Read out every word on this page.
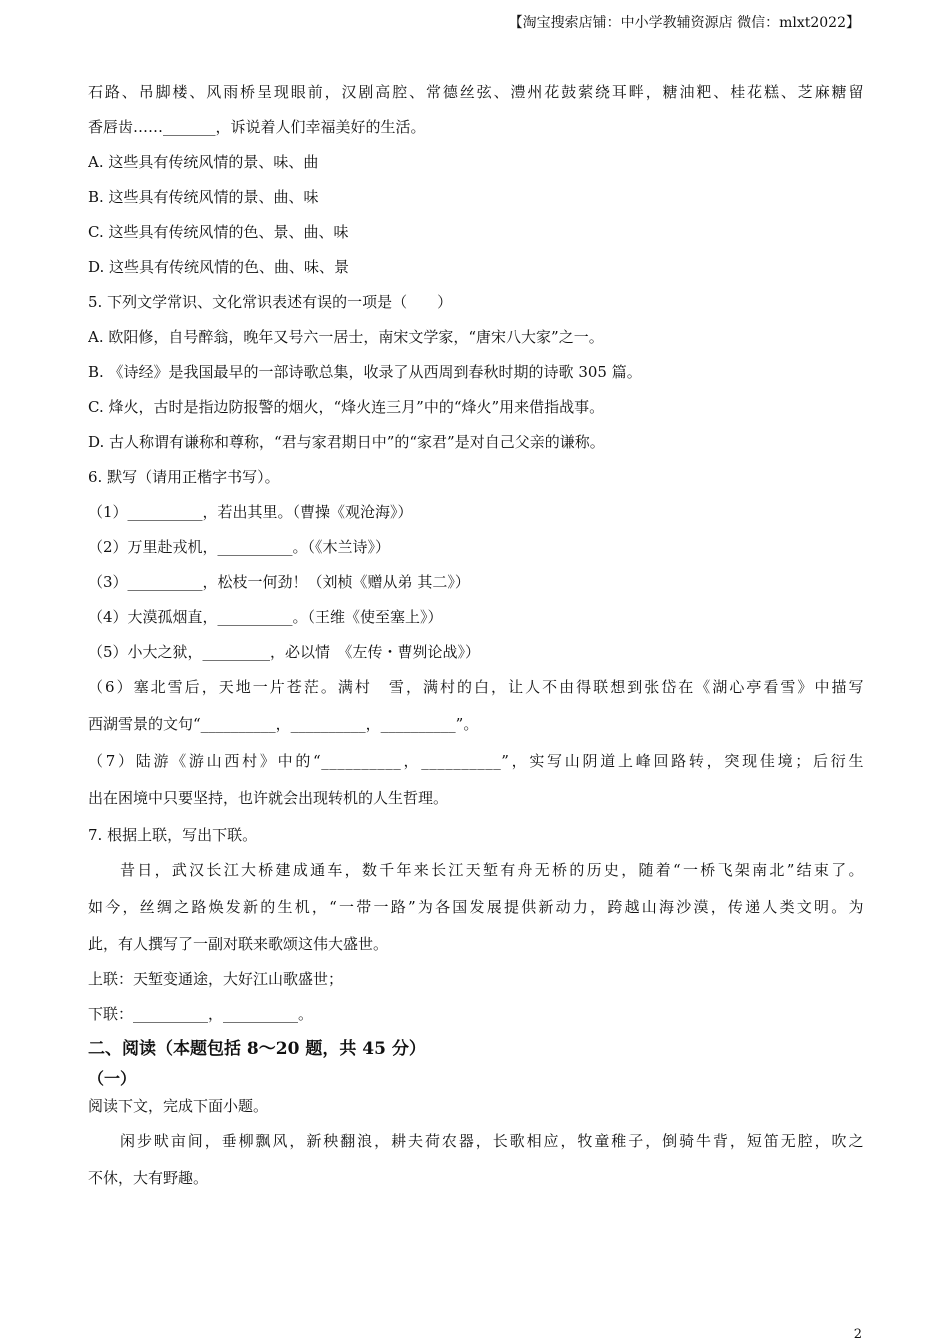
【淘宝搜索店铺：中小学教辅资源店 微信：mlxt2022】
石路、吊脚楼、风雨桥呈现眼前，汉剧高腔、常德丝弦、澧州花鼓萦绕耳畔，糖油粑、桂花糕、芝麻糖留
香唇齿……_______，诉说着人们幸福美好的生活。
A. 这些具有传统风情的景、味、曲
B. 这些具有传统风情的景、曲、味
C. 这些具有传统风情的色、景、曲、味
D. 这些具有传统风情的色、曲、味、景
5. 下列文学常识、文化常识表述有误的一项是（　　）
A. 欧阳修，自号醉翁，晚年又号六一居士，南宋文学家，“唐宋八大家”之一。
B. 《诗经》是我国最早的一部诗歌总集，收录了从西周到春秋时期的诗歌 305 篇。
C. 烽火，古时是指边防报警的烟火，“烽火连三月”中的“烽火”用来借指战事。
D. 古人称谓有谦称和尊称，“君与家君期日中”的“家君”是对自己父亲的谦称。
6. 默写（请用正楷字书写）。
（1）__________，若出其里。（曹操《观沧海》）
（2）万里赴戎机，__________。（《木兰诗》）
（3）__________，松枝一何劲！（刘桢《赠从弟 其二》）
（4）大漠孤烟直，__________。（王维《使至塞上》）
（5）小大之狱，_________，必以情　《左传・曹刿论战》）
（6）塞北雪后，天地一片苍茫。满村　雪，满村的白，让人不由得联想到张岱在《湖心亭看雪》中描写
西湖雪景的文句“__________，__________，__________”。
（7）陆游《游山西村》中的“__________，__________”，实写山阴道上峰回路转，突现佳境；后衍生
出在困境中只要坚持，也许就会出现转机的人生哲理。
7. 根据上联，写出下联。
昔日，武汉长江大桥建成通车，数千年来长江天堑有舟无桥的历史，随着“一桥飞架南北”结束了。
如今，丝绸之路焕发新的生机，“一带一路”为各国发展提供新动力，跨越山海沙漠，传递人类文明。为
此，有人撰写了一副对联来歌颂这伟大盛世。
上联：天堑变通途，大好江山歌盛世；
下联：__________，__________。
二、阅读（本题包括 8～20 题，共 45 分）
（一）
阅读下文，完成下面小题。
闲步畎亩间，垂柳飘风，新秧翻浪，耕夫荷农器，长歌相应，牧童稚子，倒骑牛背，短笛无腔，吹之
不休，大有野趣。
2
